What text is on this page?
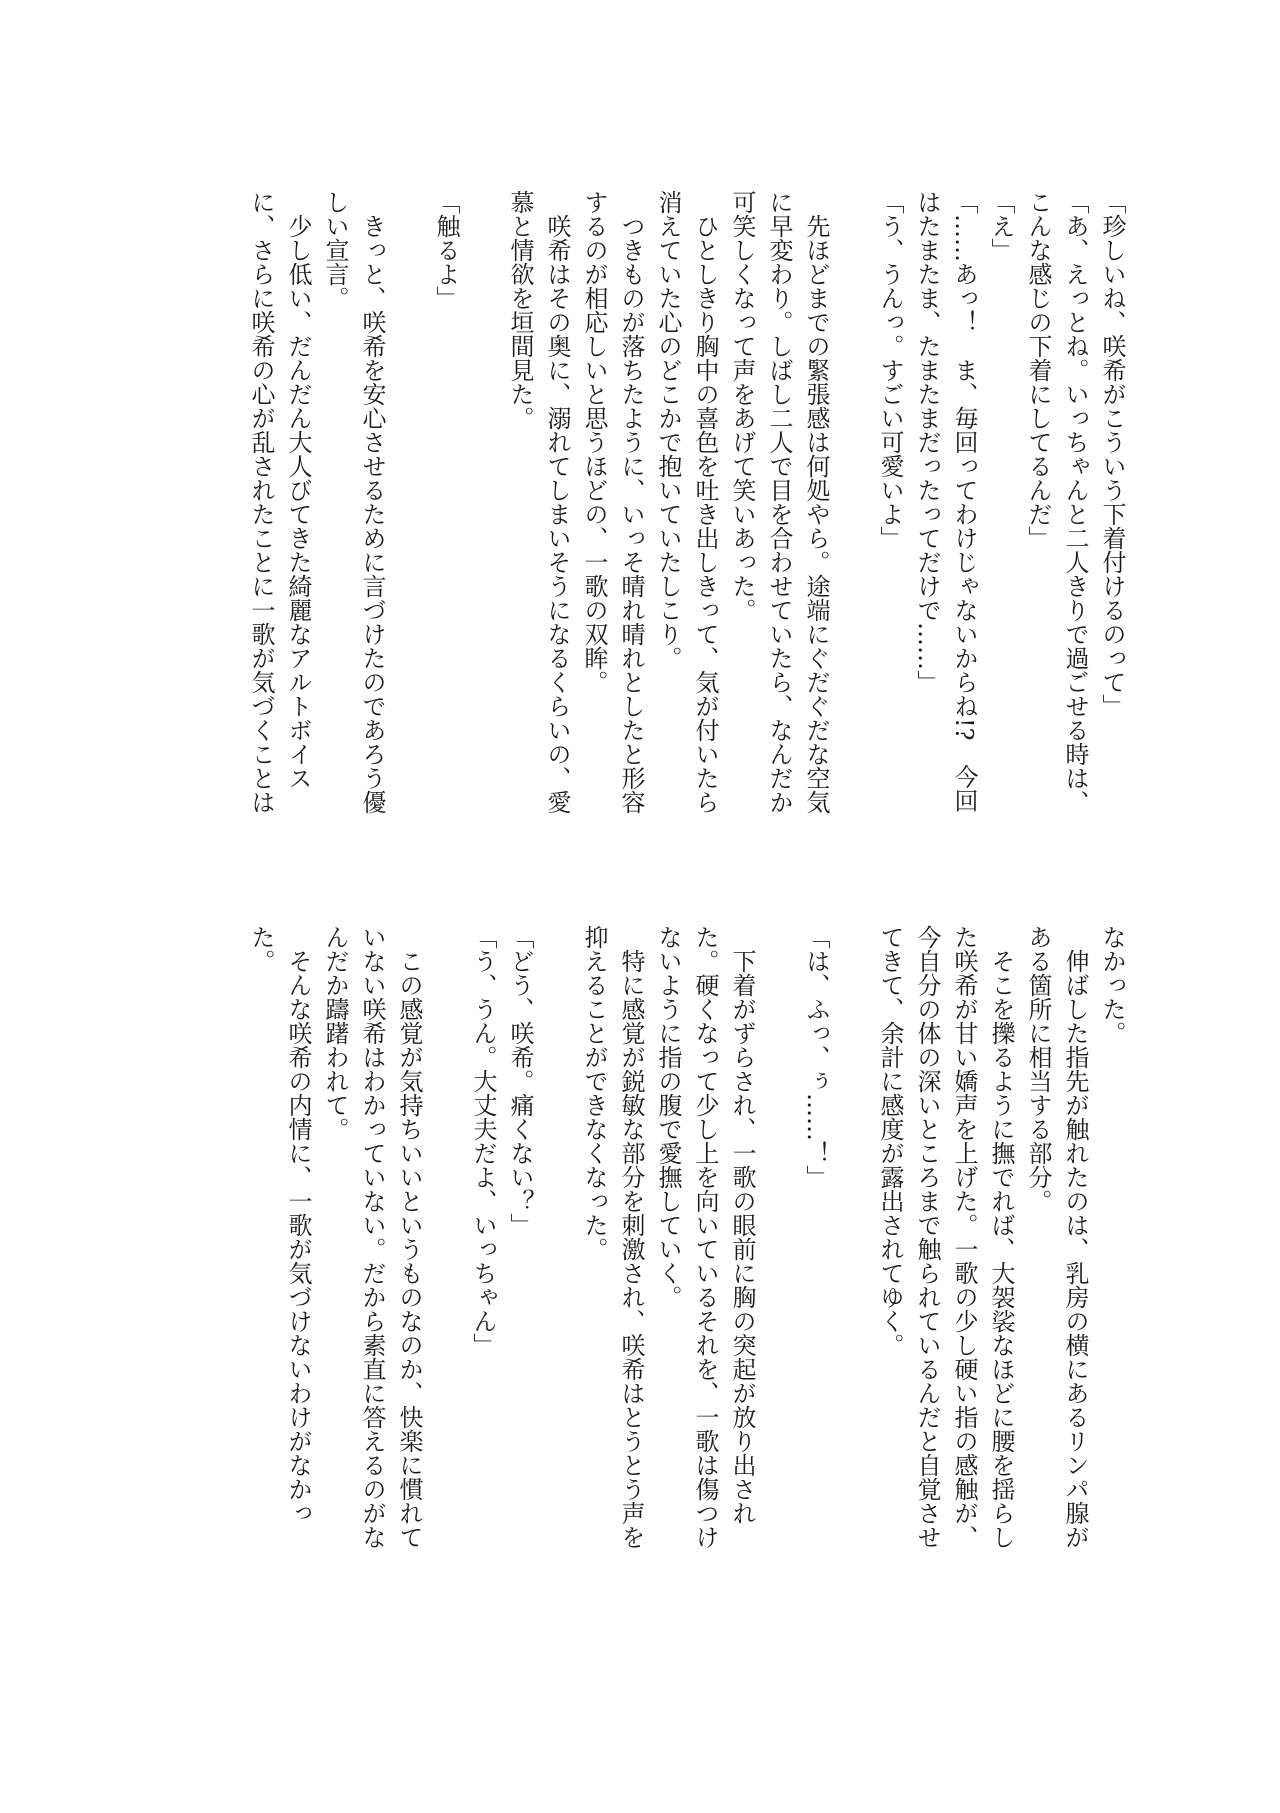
「珍しいね、咲希がこういう下着付けるのって」
「あ、えっとね。いっちゃんと二人きりで過ごせる時は、
こんな感じの下着にしてるんだ」
「え」
「……あっ！　ま、毎回ってわけじゃないからね!?　今回
はたまたま、たまたまだったってだけで……」
「う、うんっ。すごい可愛いよ」

　先ほどまでの緊張感は何処やら。途端にぐだぐだな空気
に早変わり。しばし二人で目を合わせていたら、なんだか
可笑しくなって声をあげて笑いあった。
　ひとしきり胸中の喜色を吐き出しきって、気が付いたら
消えていた心のどこかで抱いていたしこり。
　つきものが落ちたように、いっそ晴れ晴れとしたと形容
するのが相応しいと思うほどの、一歌の双眸。
　咲希はその奥に、溺れてしまいそうになるくらいの、愛
慕と情欲を垣間見た。

「触るよ」

　きっと、咲希を安心させるために言づけたのであろう優
しい宣言。
　少し低い、だんだん大人びてきた綺麗なアルトボイス
に、さらに咲希の心が乱されたことに一歌が気づくことは
なかった。
　伸ばした指先が触れたのは、乳房の横にあるリンパ腺が
ある箇所に相当する部分。
　そこを擽るように撫でれば、大袈裟なほどに腰を揺らし
た咲希が甘い嬌声を上げた。一歌の少し硬い指の感触が、
今自分の体の深いところまで触られているんだと自覚させ
てきて、余計に感度が露出されてゆく。

「は、ふっ、ぅ……！」

　下着がずらされ、一歌の眼前に胸の突起が放り出され
た。硬くなって少し上を向いているそれを、一歌は傷つけ
ないように指の腹で愛撫していく。
　特に感覚が鋭敏な部分を刺激され、咲希はとうとう声を
抑えることができなくなった。

「どう、咲希。痛くない？」
「う、うん。大丈夫だよ、いっちゃん」

　この感覚が気持ちいいというものなのか、快楽に慣れて
いない咲希はわかっていない。だから素直に答えるのがな
んだか躊躇われて。
　そんな咲希の内情に、一歌が気づけないわけがなかっ
た。
